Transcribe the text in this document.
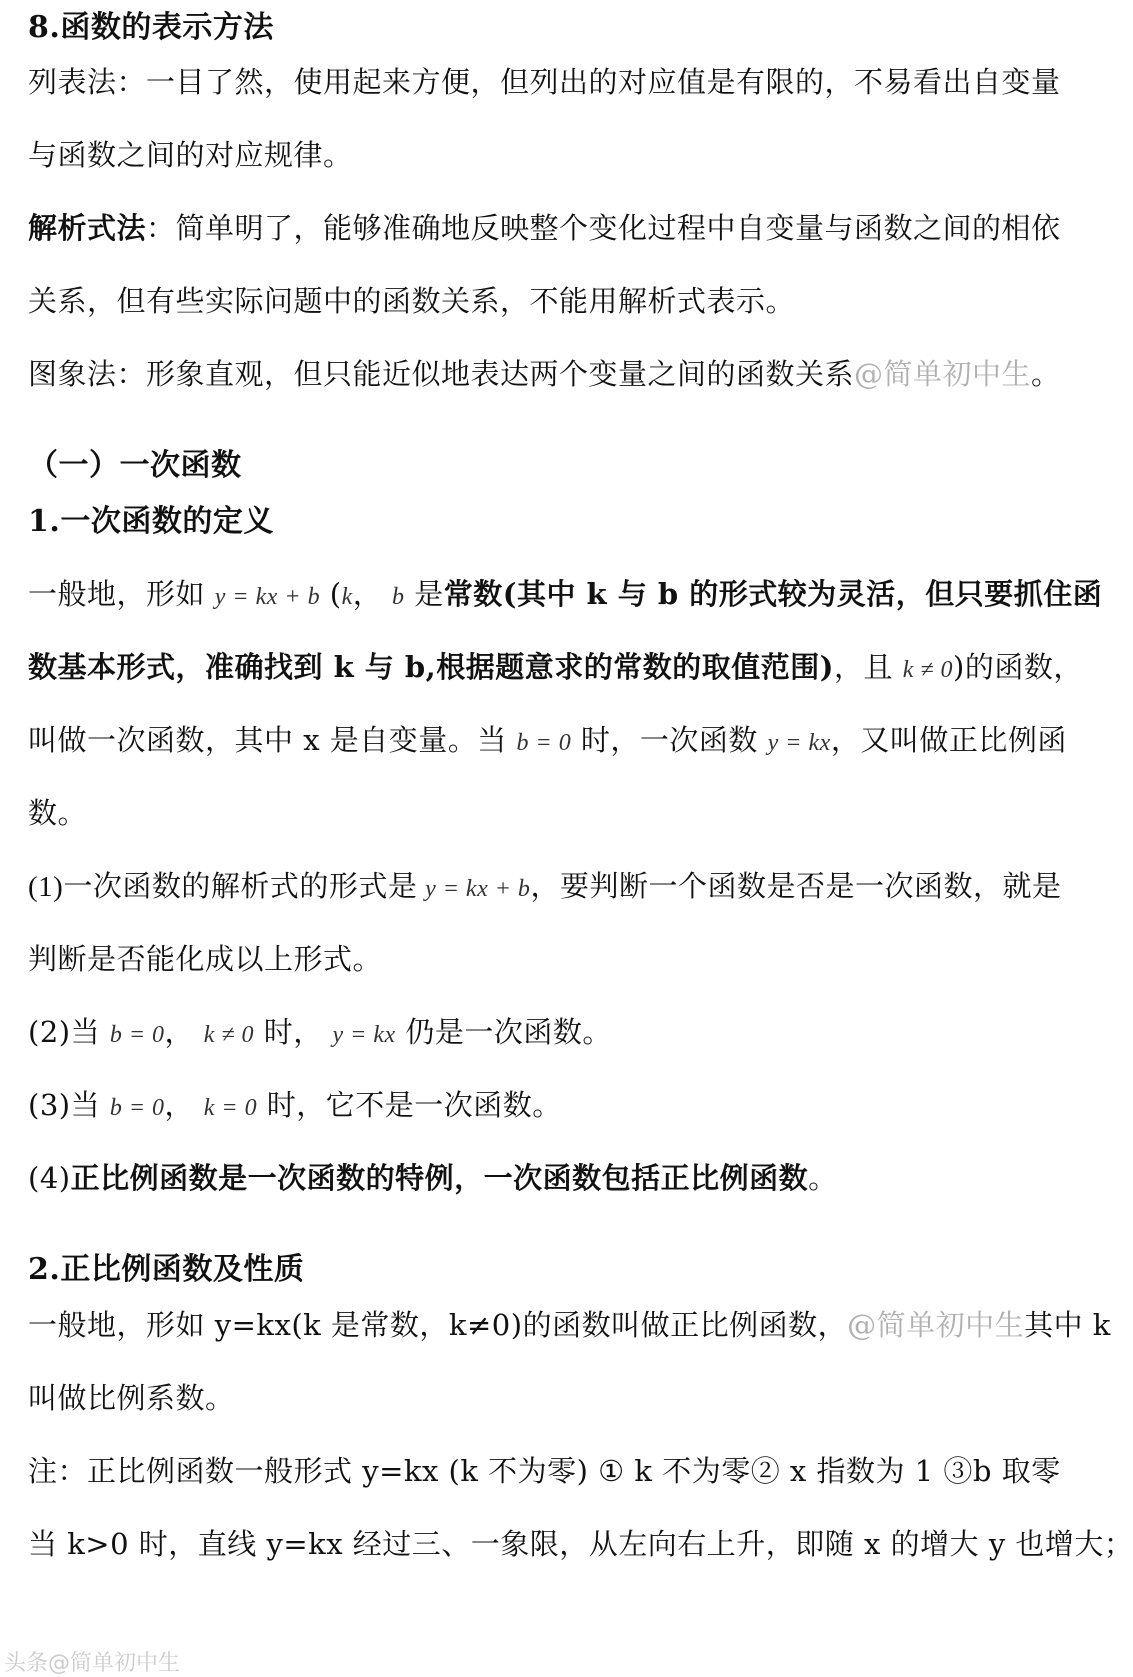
8.函数的表示方法
列表法：一目了然，使用起来方便，但列出的对应值是有限的，不易看出自变量
与函数之间的对应规律。
解析式法：简单明了，能够准确地反映整个变化过程中自变量与函数之间的相依
关系，但有些实际问题中的函数关系，不能用解析式表示。
图象法：形象直观，但只能近似地表达两个变量之间的函数关系@简单初中生。
（一）一次函数
1.一次函数的定义
一般地，形如 y = kx + b (k， b 是常数(其中 k 与 b 的形式较为灵活，但只要抓住函
数基本形式，准确找到 k 与 b,根据题意求的常数的取值范围)，且 k ≠ 0)的函数，
叫做一次函数，其中 x 是自变量。当 b = 0 时，一次函数 y = kx，又叫做正比例函
数。
(1)一次函数的解析式的形式是 y = kx + b，要判断一个函数是否是一次函数，就是
判断是否能化成以上形式。
(2)当 b = 0， k ≠ 0 时， y = kx 仍是一次函数。
(3)当 b = 0， k = 0 时，它不是一次函数。
(4)正比例函数是一次函数的特例，一次函数包括正比例函数。
2.正比例函数及性质
一般地，形如 y=kx(k 是常数，k≠0)的函数叫做正比例函数，@简单初中生其中 k
叫做比例系数。
注：正比例函数一般形式 y=kx (k 不为零) ① k 不为零② x 指数为 1 ③b 取零
当 k>0 时，直线 y=kx 经过三、一象限，从左向右上升，即随 x 的增大 y 也增大；
头条@简单初中生
